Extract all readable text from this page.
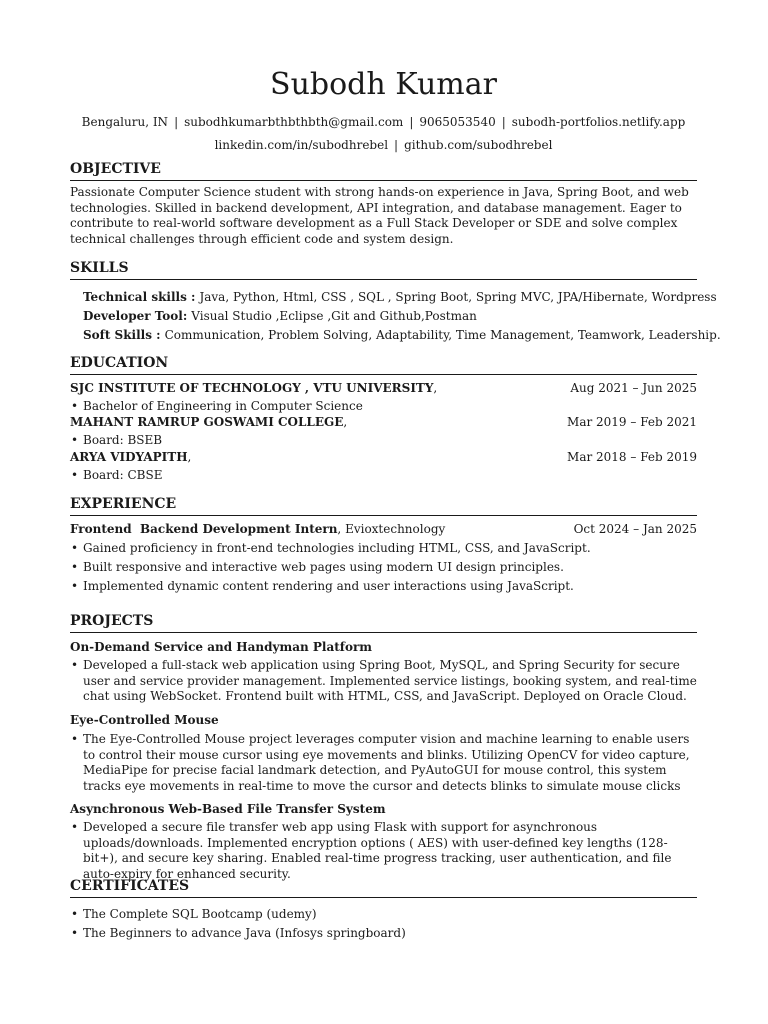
Subodh Kumar
Bengaluru, IN | subodhkumarbthbthbth@gmail.com | 9065053540 | subodh-portfolios.netlify.app
linkedin.com/in/subodhrebel | github.com/subodhrebel
OBJECTIVE
Passionate Computer Science student with strong hands-on experience in Java, Spring Boot, and web technologies. Skilled in backend development, API integration, and database management. Eager to contribute to real-world software development as a Full Stack Developer or SDE and solve complex technical challenges through efficient code and system design.
SKILLS
Technical skills : Java, Python, Html, CSS , SQL , Spring Boot, Spring MVC, JPA/Hibernate, Wordpress
Developer Tool: Visual Studio ,Eclipse ,Git and Github,Postman
Soft Skills : Communication, Problem Solving, Adaptability, Time Management, Teamwork, Leadership.
EDUCATION
SJC INSTITUTE OF TECHNOLOGY , VTU UNIVERSITY,	Aug 2021 – Jun 2025
• Bachelor of Engineering in Computer Science
MAHANT RAMRUP GOSWAMI COLLEGE,	Mar 2019 – Feb 2021
• Board: BSEB
ARYA VIDYAPITH,	Mar 2018 – Feb 2019
• Board: CBSE
EXPERIENCE
Frontend  Backend Development Intern, Evioxtechnology	Oct 2024 – Jan 2025
• Gained proficiency in front-end technologies including HTML, CSS, and JavaScript.
• Built responsive and interactive web pages using modern UI design principles.
• Implemented dynamic content rendering and user interactions using JavaScript.
PROJECTS
On-Demand Service and Handyman Platform
• Developed a full-stack web application using Spring Boot, MySQL, and Spring Security for secure user and service provider management. Implemented service listings, booking system, and real-time chat using WebSocket. Frontend built with HTML, CSS, and JavaScript. Deployed on Oracle Cloud.
Eye-Controlled Mouse
• The Eye-Controlled Mouse project leverages computer vision and machine learning to enable users to control their mouse cursor using eye movements and blinks. Utilizing OpenCV for video capture, MediaPipe for precise facial landmark detection, and PyAutoGUI for mouse control, this system tracks eye movements in real-time to move the cursor and detects blinks to simulate mouse clicks
Asynchronous Web-Based File Transfer System
• Developed a secure file transfer web app using Flask with support for asynchronous uploads/downloads. Implemented encryption options ( AES) with user-defined key lengths (128-bit+), and secure key sharing. Enabled real-time progress tracking, user authentication, and file auto-expiry for enhanced security.
CERTIFICATES
• The Complete SQL Bootcamp (udemy)
• The Beginners to advance Java (Infosys springboard)
